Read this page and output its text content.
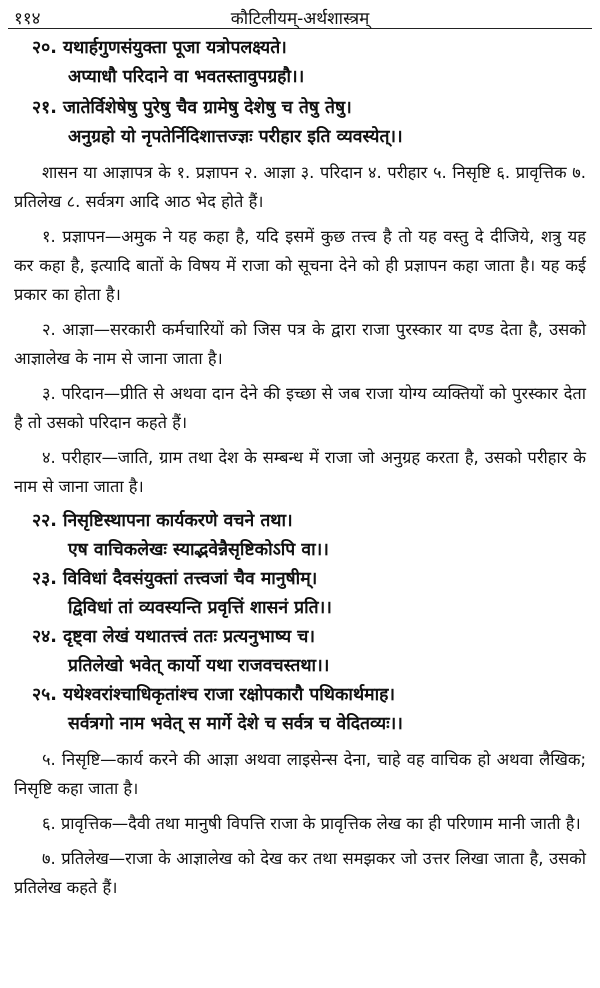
११४	कौटिलीयम्-अर्थशास्त्रम्
२०. यथार्हगुणसंयुक्ता पूजा यत्रोपलक्ष्यते।
अप्याधौ परिदाने वा भवतस्तावुपग्रहौ।।
२१. जातेर्विशेषेषु पुरेषु चैव ग्रामेषु देशेषु च तेषु तेषु।
अनुग्रहो यो नृपतेर्निदिशात्तज्ज्ञः परीहार इति व्यवस्येत्।।

शासन या आज्ञापत्र के १. प्रज्ञापन २. आज्ञा ३. परिदान ४. परीहार ५. निसृष्टि ६. प्रावृत्तिक ७. प्रतिलेख ८. सर्वत्रग आदि आठ भेद होते हैं।

१. प्रज्ञापन—अमुक ने यह कहा है, यदि इसमें कुछ तत्त्व है तो यह वस्तु दे दीजिये, शत्रु यह कर कहा है, इत्यादि बातों के विषय में राजा को सूचना देने को ही प्रज्ञापन कहा जाता है। यह कई प्रकार का होता है।

२. आज्ञा—सरकारी कर्मचारियों को जिस पत्र के द्वारा राजा पुरस्कार या दण्ड देता है, उसको आज्ञालेख के नाम से जाना जाता है।

३. परिदान—प्रीति से अथवा दान देने की इच्छा से जब राजा योग्य व्यक्तियों को पुरस्कार देता है तो उसको परिदान कहते हैं।

४. परीहार—जाति, ग्राम तथा देश के सम्बन्ध में राजा जो अनुग्रह करता है, उसको परीहार के नाम से जाना जाता है।

२२. निसृष्टिस्थापना कार्यकरणे वचने तथा।
एष वाचिकलेखः स्याद्भवेन्नैसृष्टिकोऽपि वा।।
२३. विविधां दैवसंयुक्तां तत्त्वजां चैव मानुषीम्।
द्विविधां तां व्यवस्यन्ति प्रवृत्तिं शासनं प्रति।।
२४. दृष्ट्वा लेखं यथातत्त्वं ततः प्रत्यनुभाष्य च।
प्रतिलेखो भवेत् कार्यो यथा राजवचस्तथा।।
२५. यथेश्वरांश्चाधिकृतांश्च राजा रक्षोपकारौ पथिकार्थमाह।
सर्वत्रगो नाम भवेत् स मार्गे देशे च सर्वत्र च वेदितव्यः।।

५. निसृष्टि—कार्य करने की आज्ञा अथवा लाइसेन्स देना, चाहे वह वाचिक हो अथवा लैखिक; निसृष्टि कहा जाता है।

६. प्रावृत्तिक—दैवी तथा मानुषी विपत्ति राजा के प्रावृत्तिक लेख का ही परिणाम मानी जाती है।

७. प्रतिलेख—राजा के आज्ञालेख को देख कर तथा समझकर जो उत्तर लिखा जाता है, उसको प्रतिलेख कहते हैं।
